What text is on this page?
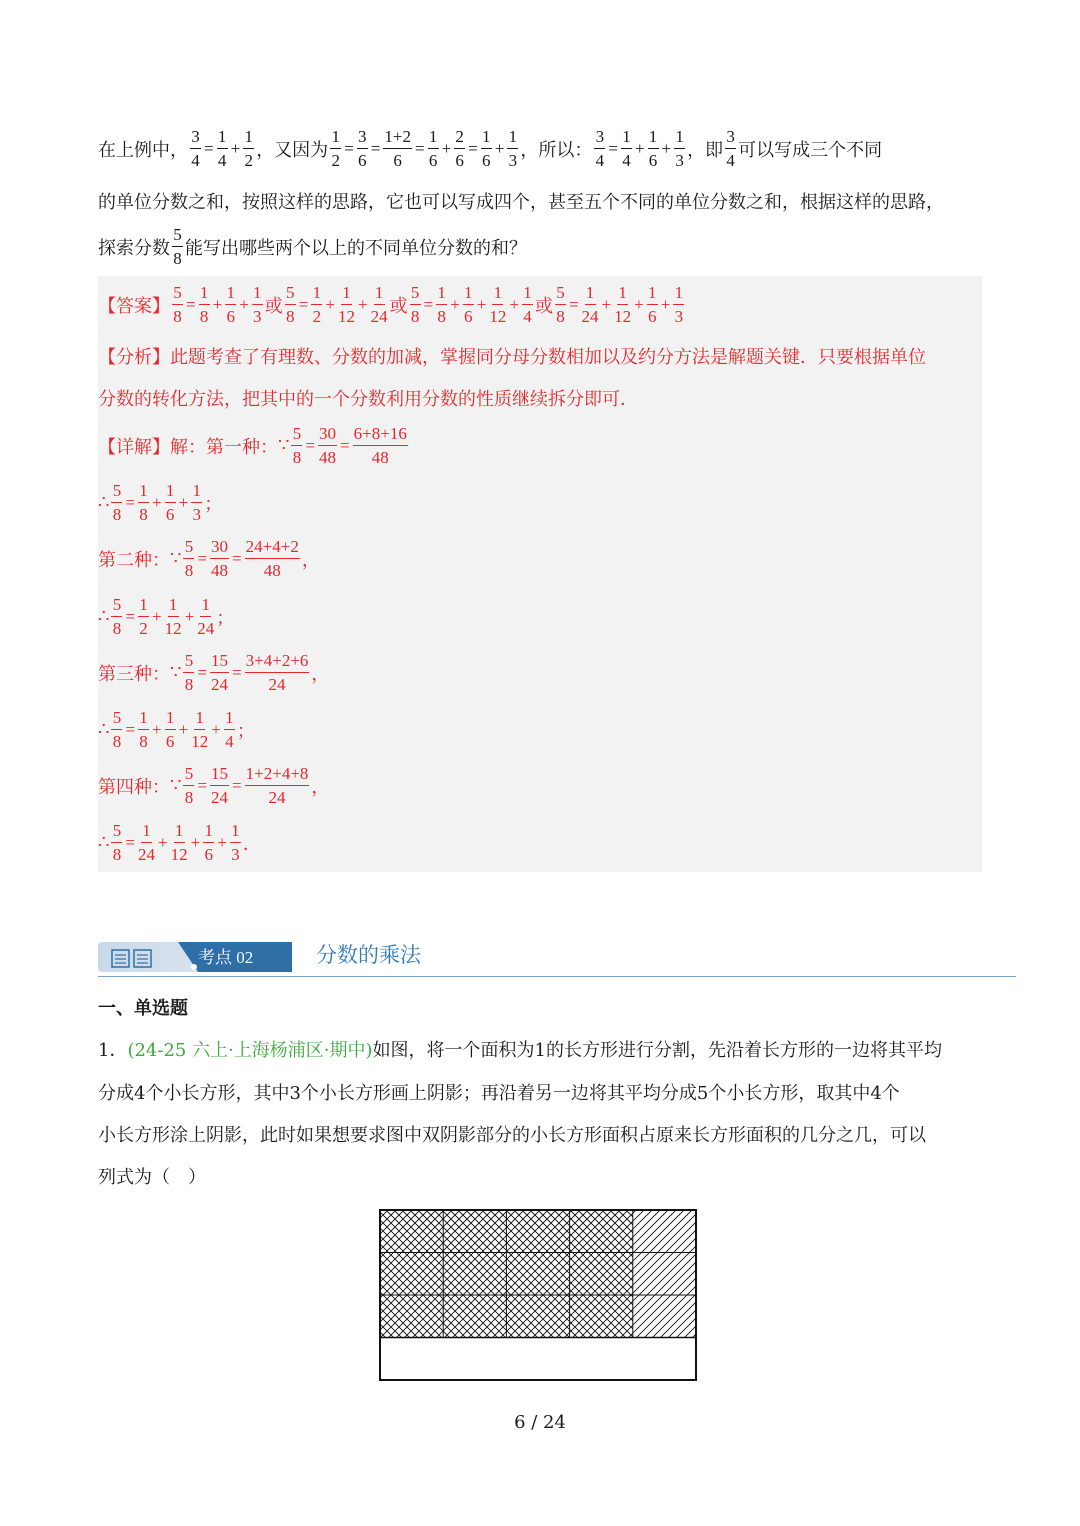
在上例中， $\frac{3}{4} = \frac{1}{4} + \frac{1}{2}$ ，又因为 $\frac{1}{2} = \frac{3}{6} = \frac{1+2}{6} = \frac{1}{6} + \frac{2}{6} = \frac{1}{6} + \frac{1}{3}$ ，所以： $\frac{3}{4} = \frac{1}{4} + \frac{1}{6} + \frac{1}{3}$ ，即
3
4 可以写成三个不同
的单位分数之和，按照这样的思路，它也可以写成四个，甚至五个不同的单位分数之和，根据这样的思路，
探索分数
5
8 能写出哪些两个以上的不同单位分数的和？
【答案】 $\frac{5}{8} = \frac{1}{8} + \frac{1}{6} + \frac{1}{3}$ 或 $\frac{5}{8} = \frac{1}{2} + \frac{1}{12} + \frac{1}{24}$ 或 $\frac{5}{8} = \frac{1}{8} + \frac{1}{6} + \frac{1}{12} + \frac{1}{4}$ 或 $\frac{5}{8} = \frac{1}{24} + \frac{1}{12} + \frac{1}{6} + \frac{1}{3}$
【分析】此题考查了有理数、分数的加减，掌握同分母分数相加以及约分方法是解题关键．只要根据单位
分数的转化方法，把其中的一个分数利用分数的性质继续拆分即可．
【详解】解：第一种： ∵ $\frac{5}{8} = \frac{30}{48} = \frac{6+8+16}{48}$
∴ $\frac{5}{8} = \frac{1}{8} + \frac{1}{6} + \frac{1}{3}$ ；
第二种： ∵ $\frac{5}{8} = \frac{30}{48} = \frac{24+4+2}{48}$ ，
∴ $\frac{5}{8} = \frac{1}{2} + \frac{1}{12} + \frac{1}{24}$ ；
第三种： ∵ $\frac{5}{8} = \frac{15}{24} = \frac{3+4+2+6}{24}$ ，
∴ $\frac{5}{8} = \frac{1}{8} + \frac{1}{6} + \frac{1}{12} + \frac{1}{4}$ ；
第四种： ∵ $\frac{5}{8} = \frac{15}{24} = \frac{1+2+4+8}{24}$ ，
∴ $\frac{5}{8} = \frac{1}{24} + \frac{1}{12} + \frac{1}{6} + \frac{1}{3}$ ．
考点 02	分数的乘法
一、单选题
1． (24-25 六上·上海杨浦区·期中) 如图，将一个面积为1的长方形进行分割，先沿着长方形的一边将其平均
分成4个小长方形，其中3个小长方形画上阴影；再沿着另一边将其平均分成5个小长方形，取其中4个
小长方形涂上阴影，此时如果想要求图中双阴影部分的小长方形面积占原来长方形面积的几分之几，可以
列式为（　）
6 / 24
